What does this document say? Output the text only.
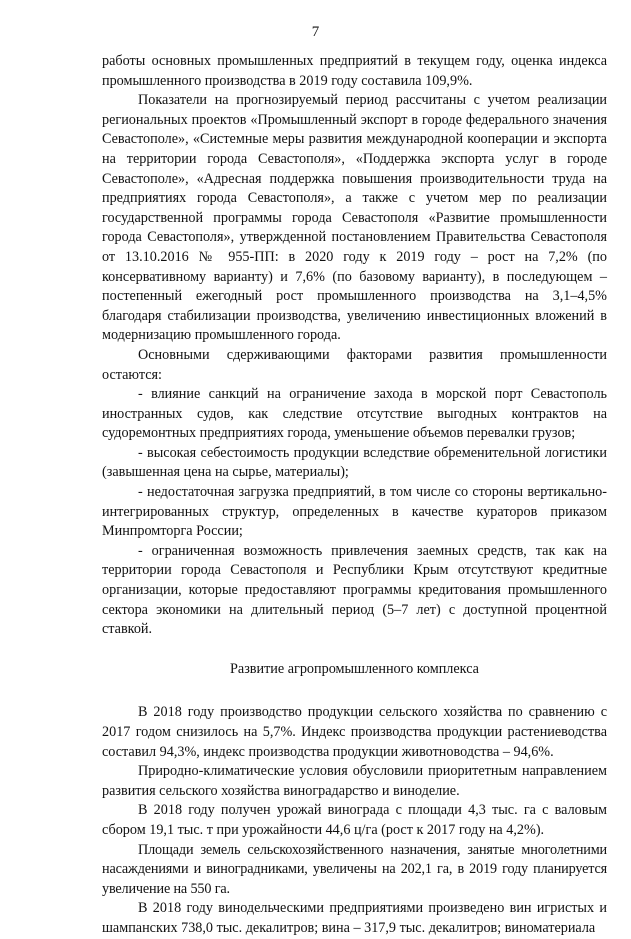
7

работы основных промышленных предприятий в текущем году, оценка индекса промышленного производства в 2019 году составила 109,9%.

Показатели на прогнозируемый период рассчитаны с учетом реализации региональных проектов «Промышленный экспорт в городе федерального значения Севастополе», «Системные меры развития международной кооперации и экспорта на территории города Севастополя», «Поддержка экспорта услуг в городе Севастополе», «Адресная поддержка повышения производительности труда на предприятиях города Севастополя», а также с учетом мер по реализации государственной программы города Севастополя «Развитие промышленности города Севастополя», утвержденной постановлением Правительства Севастополя от 13.10.2016 № 955-ПП: в 2020 году к 2019 году – рост на 7,2% (по консервативному варианту) и 7,6% (по базовому варианту), в последующем – постепенный ежегодный рост промышленного производства на 3,1–4,5% благодаря стабилизации производства, увеличению инвестиционных вложений в модернизацию промышленного города.

Основными сдерживающими факторами развития промышленности остаются:

- влияние санкций на ограничение захода в морской порт Севастополь иностранных судов, как следствие отсутствие выгодных контрактов на судоремонтных предприятиях города, уменьшение объемов перевалки грузов;

- высокая себестоимость продукции вследствие обременительной логистики (завышенная цена на сырье, материалы);

- недостаточная загрузка предприятий, в том числе со стороны вертикально-интегрированных структур, определенных в качестве кураторов приказом Минпромторга России;

- ограниченная возможность привлечения заемных средств, так как на территории города Севастополя и Республики Крым отсутствуют кредитные организации, которые предоставляют программы кредитования промышленного сектора экономики на длительный период (5–7 лет) с доступной процентной ставкой.

Развитие агропромышленного комплекса

В 2018 году производство продукции сельского хозяйства по сравнению с 2017 годом снизилось на 5,7%. Индекс производства продукции растениеводства составил 94,3%, индекс производства продукции животноводства – 94,6%.

Природно-климатические условия обусловили приоритетным направлением развития сельского хозяйства виноградарство и виноделие.

В 2018 году получен урожай винограда с площади 4,3 тыс. га с валовым сбором 19,1 тыс. т при урожайности 44,6 ц/га (рост к 2017 году на 4,2%).

Площади земель сельскохозяйственного назначения, занятые многолетними насаждениями и виноградниками, увеличены на 202,1 га, в 2019 году планируется увеличение на 550 га.

В 2018 году винодельческими предприятиями произведено вин игристых и шампанских 738,0 тыс. декалитров; вина – 317,9 тыс. декалитров; виноматериала
